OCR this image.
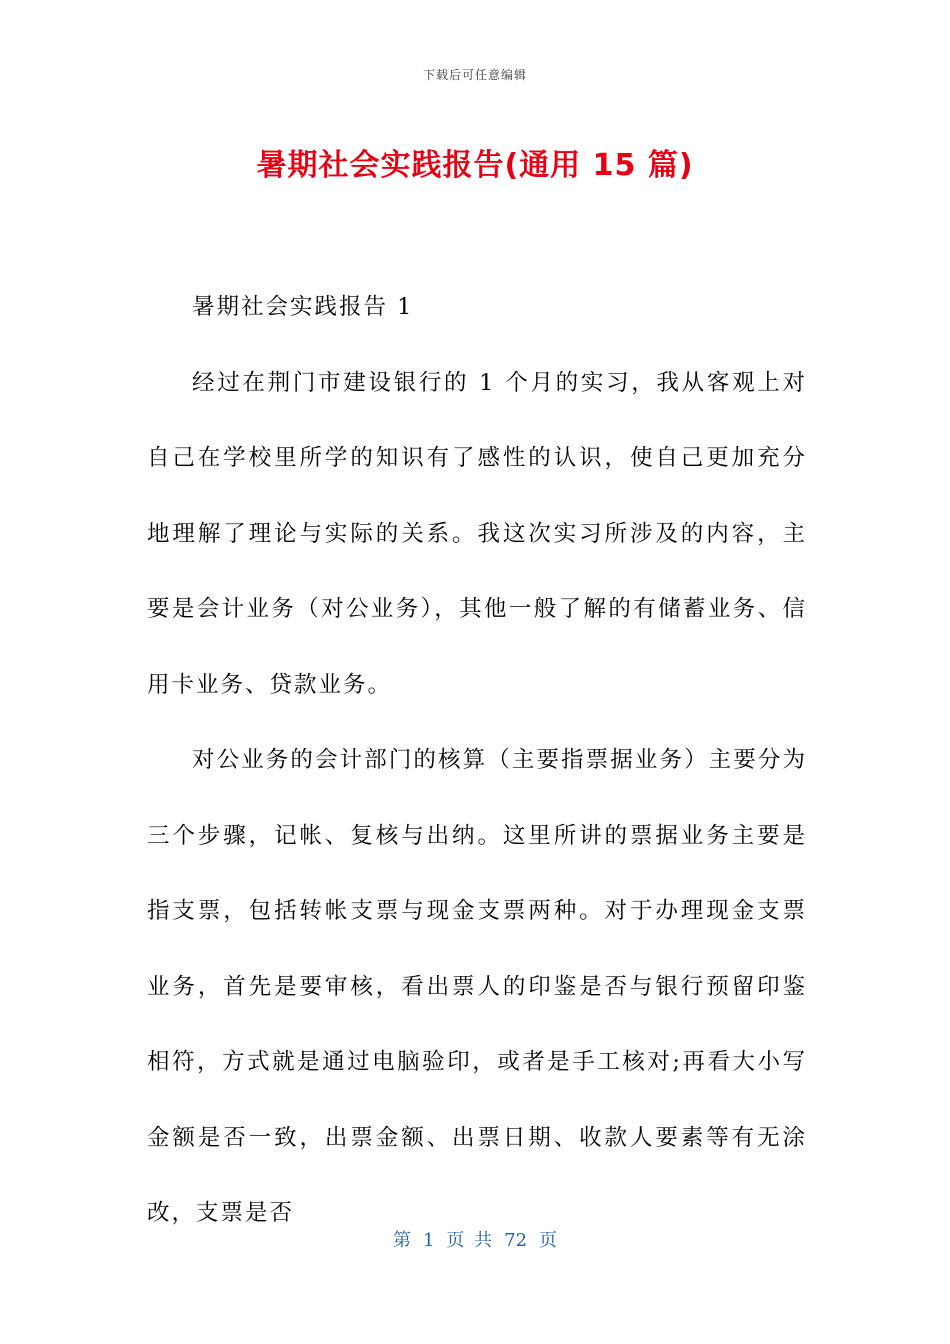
下载后可任意编辑
暑期社会实践报告(通用 15 篇)

暑期社会实践报告 1

经过在荆门市建设银行的 1 个月的实习，我从客观上对自己在学校里所学的知识有了感性的认识，使自己更加充分地理解了理论与实际的关系。我这次实习所涉及的内容，主要是会计业务（对公业务），其他一般了解的有储蓄业务、信用卡业务、贷款业务。

对公业务的会计部门的核算（主要指票据业务）主要分为三个步骤，记帐、复核与出纳。这里所讲的票据业务主要是指支票，包括转帐支票与现金支票两种。对于办理现金支票业务，首先是要审核，看出票人的印鉴是否与银行预留印鉴相符，方式就是通过电脑验印，或者是手工核对;再看大小写金额是否一致，出票金额、出票日期、收款人要素等有无涂改，支票是否

第 1 页 共 72 页
